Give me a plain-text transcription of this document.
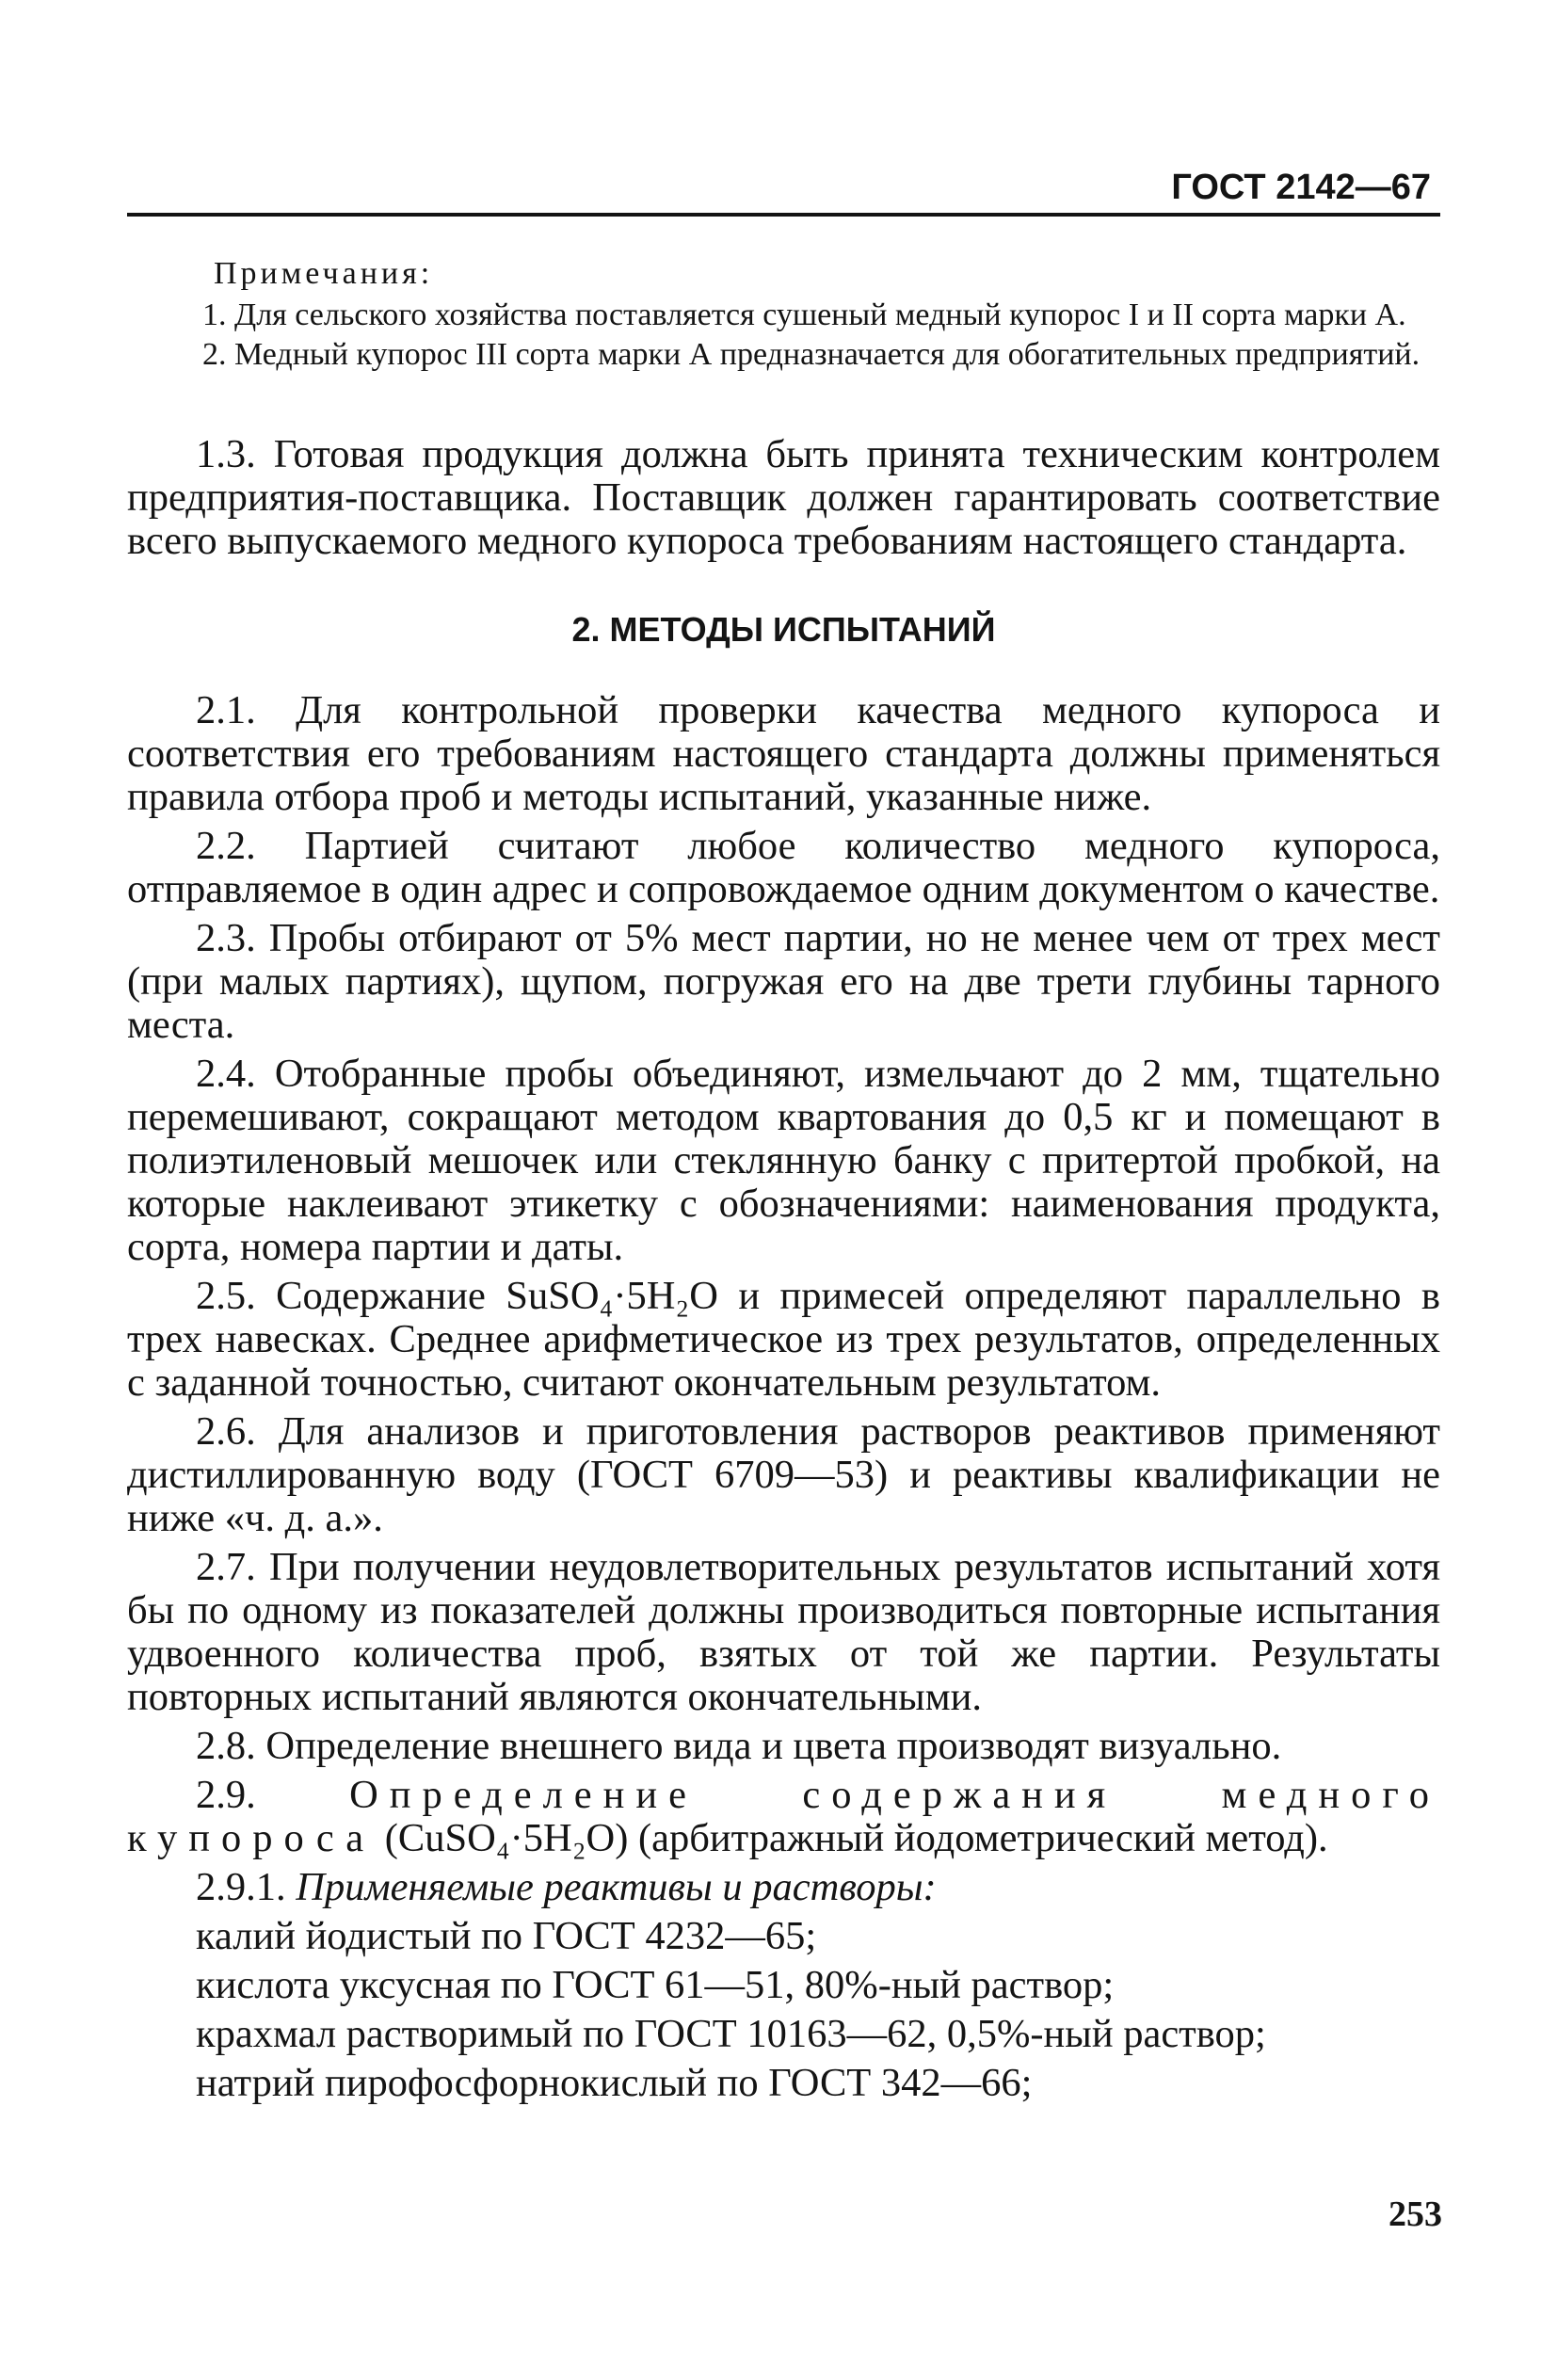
ГОСТ 2142—67
Примечания:

1. Для сельского хозяйства поставляется сушеный медный купорос I и II сорта марки А.

2. Медный купорос III сорта марки А предназначается для обогатительных предприятий.

1.3. Готовая продукция должна быть принята техническим контролем предприятия-поставщика. Поставщик должен гарантировать соответствие всего выпускаемого медного купороса требованиям настоящего стандарта.

2. МЕТОДЫ ИСПЫТАНИЙ

2.1. Для контрольной проверки качества медного купороса и соответствия его требованиям настоящего стандарта должны применяться правила отбора проб и методы испытаний, указанные ниже.

2.2. Партией считают любое количество медного купороса, отправляемое в один адрес и сопровождаемое одним документом о качестве.

2.3. Пробы отбирают от 5% мест партии, но не менее чем от трех мест (при малых партиях), щупом, погружая его на две трети глубины тарного места.

2.4. Отобранные пробы объединяют, измельчают до 2 мм, тщательно перемешивают, сокращают методом квартования до 0,5 кг и помещают в полиэтиленовый мешочек или стеклянную банку с притертой пробкой, на которые наклеивают этикетку с обозначениями: наименования продукта, сорта, номера партии и даты.

2.5. Содержание SuSO₄·5H₂O и примесей определяют параллельно в трех навесках. Среднее арифметическое из трех результатов, определенных с заданной точностью, считают окончательным результатом.

2.6. Для анализов и приготовления растворов реактивов применяют дистиллированную воду (ГОСТ 6709—53) и реактивы квалификации не ниже «ч. д. а.».

2.7. При получении неудовлетворительных результатов испытаний хотя бы по одному из показателей должны производиться повторные испытания удвоенного количества проб, взятых от той же партии. Результаты повторных испытаний являются окончательными.

2.8. Определение внешнего вида и цвета производят визуально.

2.9. Определение содержания медного купороса (CuSO₄·5H₂O) (арбитражный йодометрический метод).

2.9.1. Применяемые реактивы и растворы:

калий йодистый по ГОСТ 4232—65;
кислота уксусная по ГОСТ 61—51, 80%-ный раствор;
крахмал растворимый по ГОСТ 10163—62, 0,5%-ный раствор;
натрий пирофосфорнокислый по ГОСТ 342—66;
253
